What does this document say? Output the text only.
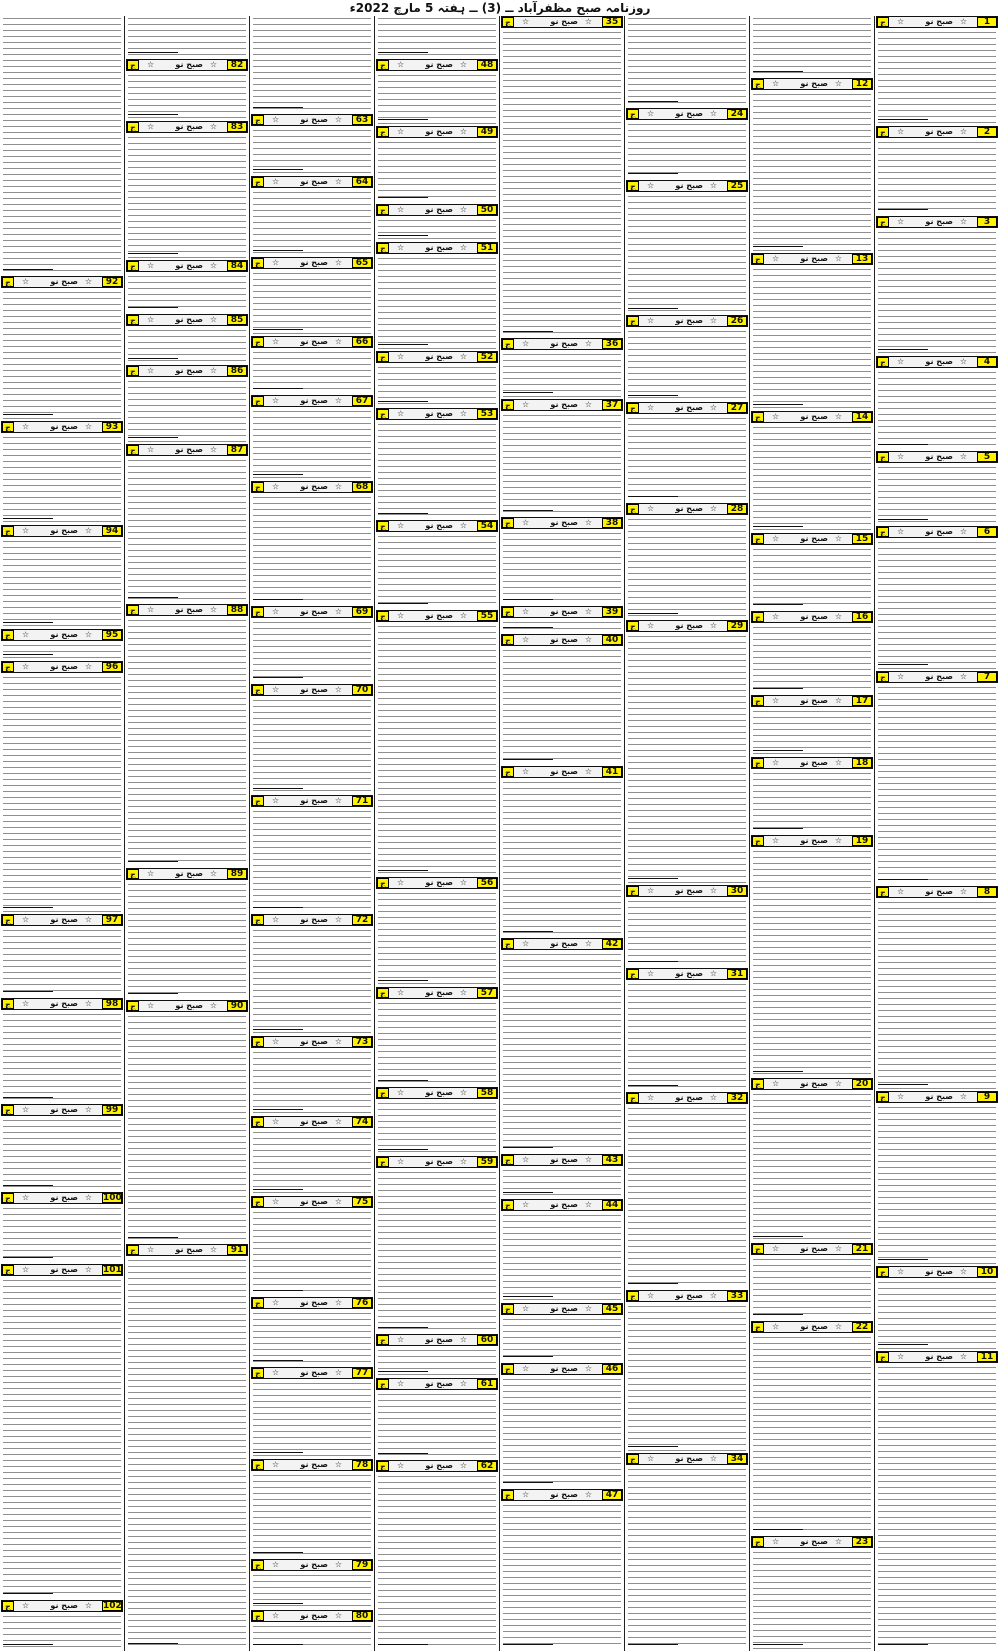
روزنامہ صبح مظفرآباد ــ (3) ــ ہفتہ 5 مارچ 2022ء
1
صبح نو ☆
☆
ج
2
صبح نو ☆
☆
ج
3
صبح نو ☆
☆
ج
4
صبح نو ☆
☆
ج
5
صبح نو ☆
☆
ج
6
صبح نو ☆
☆
ج
7
صبح نو ☆
☆
ج
8
صبح نو ☆
☆
ج
9
صبح نو ☆
☆
ج
10
صبح نو ☆
☆
ج
11
صبح نو ☆
☆
ج
12
صبح نو ☆
☆
ج
13
صبح نو ☆
☆
ج
14
صبح نو ☆
☆
ج
15
صبح نو ☆
☆
ج
16
صبح نو ☆
☆
ج
17
صبح نو ☆
☆
ج
18
صبح نو ☆
☆
ج
19
صبح نو ☆
☆
ج
20
صبح نو ☆
☆
ج
21
صبح نو ☆
☆
ج
22
صبح نو ☆
☆
ج
23
صبح نو ☆
☆
ج
24
صبح نو ☆
☆
ج
25
صبح نو ☆
☆
ج
26
صبح نو ☆
☆
ج
27
صبح نو ☆
☆
ج
28
صبح نو ☆
☆
ج
29
صبح نو ☆
☆
ج
30
صبح نو ☆
☆
ج
31
صبح نو ☆
☆
ج
32
صبح نو ☆
☆
ج
33
صبح نو ☆
☆
ج
34
صبح نو ☆
☆
ج
35
صبح نو ☆
☆
ج
36
صبح نو ☆
☆
ج
37
صبح نو ☆
☆
ج
38
صبح نو ☆
☆
ج
39
صبح نو ☆
☆
ج
40
صبح نو ☆
☆
ج
41
صبح نو ☆
☆
ج
42
صبح نو ☆
☆
ج
43
صبح نو ☆
☆
ج
44
صبح نو ☆
☆
ج
45
صبح نو ☆
☆
ج
46
صبح نو ☆
☆
ج
47
صبح نو ☆
☆
ج
48
صبح نو ☆
☆
ج
49
صبح نو ☆
☆
ج
50
صبح نو ☆
☆
ج
51
صبح نو ☆
☆
ج
52
صبح نو ☆
☆
ج
53
صبح نو ☆
☆
ج
54
صبح نو ☆
☆
ج
55
صبح نو ☆
☆
ج
56
صبح نو ☆
☆
ج
57
صبح نو ☆
☆
ج
58
صبح نو ☆
☆
ج
59
صبح نو ☆
☆
ج
60
صبح نو ☆
☆
ج
61
صبح نو ☆
☆
ج
62
صبح نو ☆
☆
ج
63
صبح نو ☆
☆
ج
64
صبح نو ☆
☆
ج
65
صبح نو ☆
☆
ج
66
صبح نو ☆
☆
ج
67
صبح نو ☆
☆
ج
68
صبح نو ☆
☆
ج
69
صبح نو ☆
☆
ج
70
صبح نو ☆
☆
ج
71
صبح نو ☆
☆
ج
72
صبح نو ☆
☆
ج
73
صبح نو ☆
☆
ج
74
صبح نو ☆
☆
ج
75
صبح نو ☆
☆
ج
76
صبح نو ☆
☆
ج
77
صبح نو ☆
☆
ج
78
صبح نو ☆
☆
ج
79
صبح نو ☆
☆
ج
80
صبح نو ☆
☆
ج
82
صبح نو ☆
☆
ج
83
صبح نو ☆
☆
ج
84
صبح نو ☆
☆
ج
85
صبح نو ☆
☆
ج
86
صبح نو ☆
☆
ج
87
صبح نو ☆
☆
ج
88
صبح نو ☆
☆
ج
89
صبح نو ☆
☆
ج
90
صبح نو ☆
☆
ج
91
صبح نو ☆
☆
ج
92
صبح نو ☆
☆
ج
93
صبح نو ☆
☆
ج
94
صبح نو ☆
☆
ج
95
صبح نو ☆
☆
ج
96
صبح نو ☆
☆
ج
97
صبح نو ☆
☆
ج
98
صبح نو ☆
☆
ج
99
صبح نو ☆
☆
ج
100
صبح نو ☆
☆
ج
101
صبح نو ☆
☆
ج
102
صبح نو ☆
☆
ج
